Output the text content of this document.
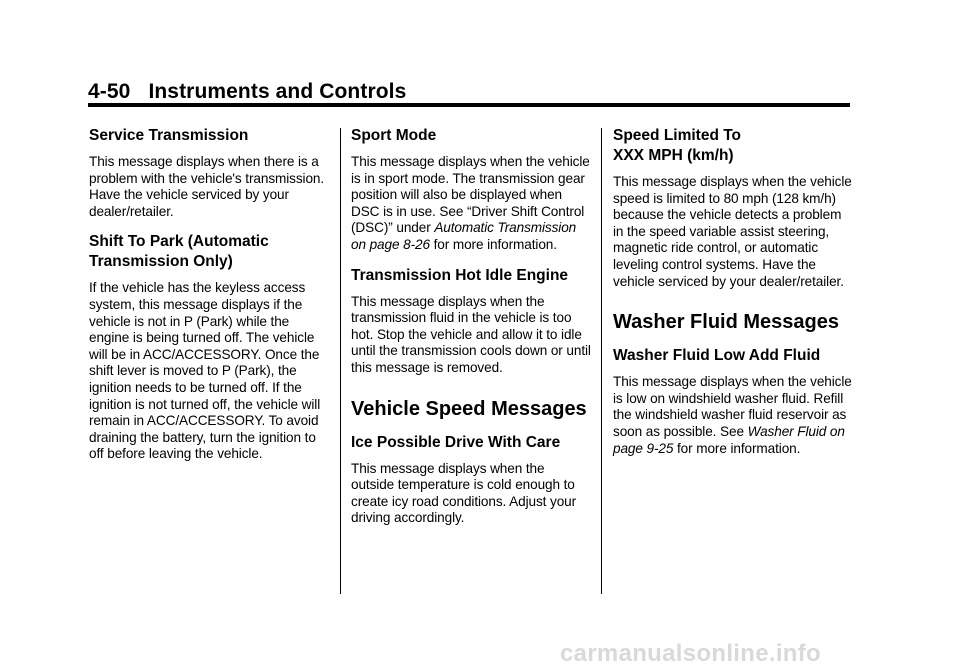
4-50 Instruments and Controls
Service Transmission

This message displays when there is a problem with the vehicle's transmission. Have the vehicle serviced by your dealer/retailer.

Shift To Park (Automatic Transmission Only)

If the vehicle has the keyless access system, this message displays if the vehicle is not in P (Park) while the engine is being turned off. The vehicle will be in ACC/ACCESSORY. Once the shift lever is moved to P (Park), the ignition needs to be turned off. If the ignition is not turned off, the vehicle will remain in ACC/ACCESSORY. To avoid draining the battery, turn the ignition to off before leaving the vehicle.

Sport Mode

This message displays when the vehicle is in sport mode. The transmission gear position will also be displayed when DSC is in use. See “Driver Shift Control (DSC)” under Automatic Transmission on page 8-26 for more information.

Transmission Hot Idle Engine

This message displays when the transmission fluid in the vehicle is too hot. Stop the vehicle and allow it to idle until the transmission cools down or until this message is removed.

Vehicle Speed Messages
Ice Possible Drive With Care

This message displays when the outside temperature is cold enough to create icy road conditions. Adjust your driving accordingly.

Speed Limited To
XXX MPH (km/h)

This message displays when the vehicle speed is limited to 80 mph (128 km/h) because the vehicle detects a problem in the speed variable assist steering, magnetic ride control, or automatic leveling control systems. Have the vehicle serviced by your dealer/retailer.

Washer Fluid Messages
Washer Fluid Low Add Fluid

This message displays when the vehicle is low on windshield washer fluid. Refill the windshield washer fluid reservoir as soon as possible. See Washer Fluid on page 9-25 for more information.

carmanualsonline.info
